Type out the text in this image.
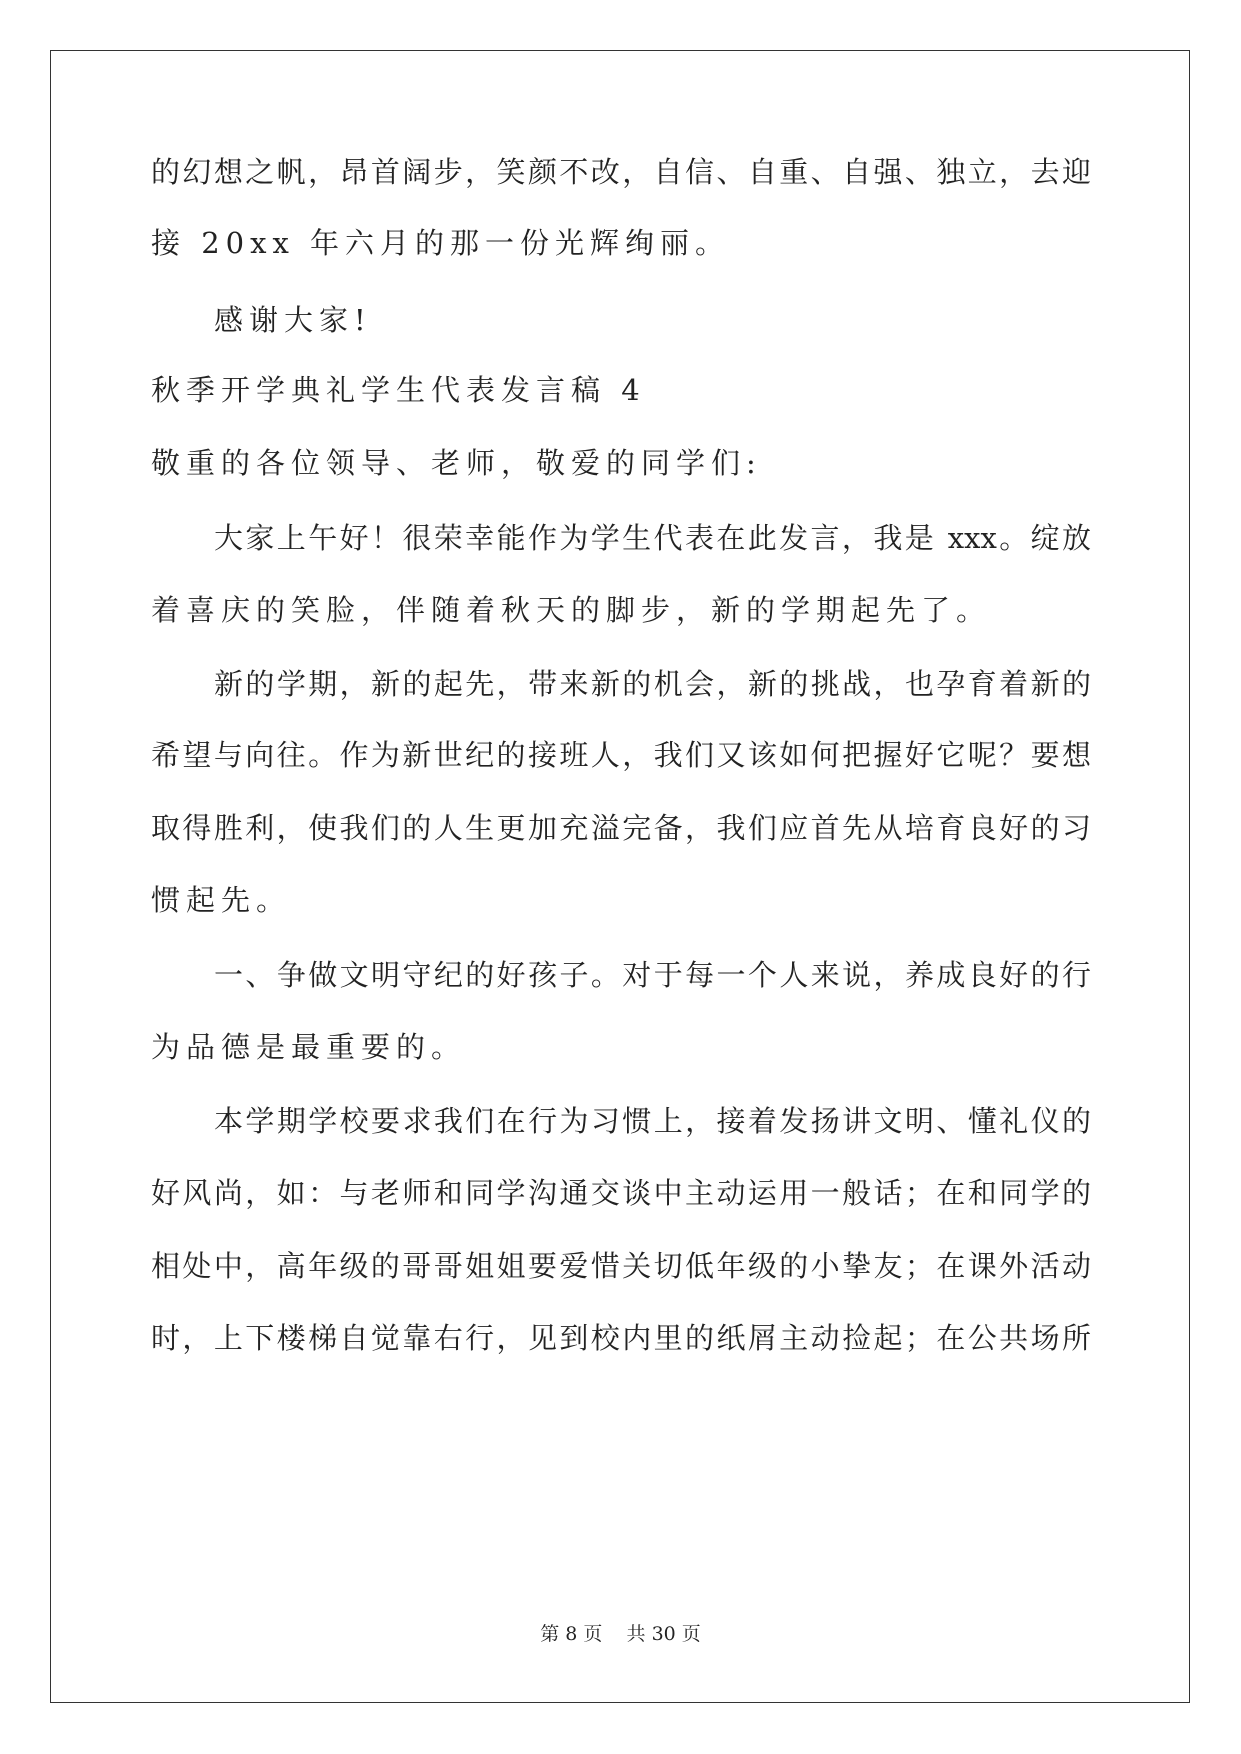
的幻想之帆，昂首阔步，笑颜不改，自信、自重、自强、独立，去迎
接 20xx 年六月的那一份光辉绚丽。
感谢大家!
秋季开学典礼学生代表发言稿 4
敬重的各位领导、老师，敬爱的同学们:
大家上午好！很荣幸能作为学生代表在此发言，我是 xxx。绽放
着喜庆的笑脸，伴随着秋天的脚步，新的学期起先了。
新的学期，新的起先，带来新的机会，新的挑战，也孕育着新的
希望与向往。作为新世纪的接班人，我们又该如何把握好它呢？要想
取得胜利，使我们的人生更加充溢完备，我们应首先从培育良好的习
惯起先。
一、争做文明守纪的好孩子。对于每一个人来说，养成良好的行
为品德是最重要的。
本学期学校要求我们在行为习惯上，接着发扬讲文明、懂礼仪的
好风尚，如：与老师和同学沟通交谈中主动运用一般话；在和同学的
相处中，高年级的哥哥姐姐要爱惜关切低年级的小挚友；在课外活动
时，上下楼梯自觉靠右行，见到校内里的纸屑主动捡起；在公共场所
第 8 页    共 30 页
